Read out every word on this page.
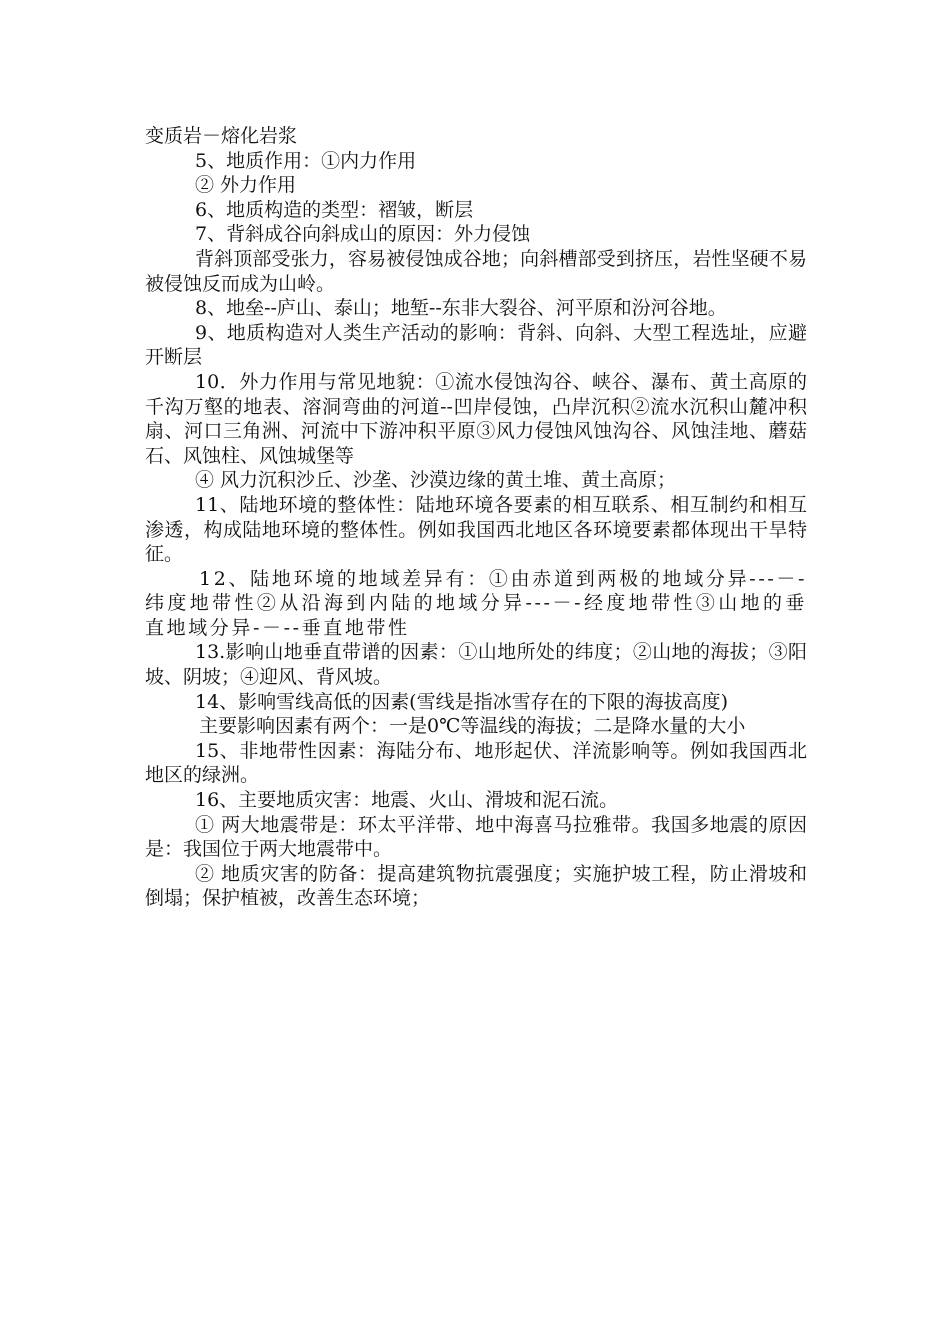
变质岩－熔化岩浆

5、地质作用：①内力作用

② 外力作用

6、地质构造的类型：褶皱，断层

7、背斜成谷向斜成山的原因：外力侵蚀

背斜顶部受张力，容易被侵蚀成谷地；向斜槽部受到挤压，岩性坚硬不易被侵蚀反而成为山岭。

8、地垒--庐山、泰山；地堑--东非大裂谷、河平原和汾河谷地。

9、地质构造对人类生产活动的影响：背斜、向斜、大型工程选址，应避开断层

10．外力作用与常见地貌：①流水侵蚀沟谷、峡谷、瀑布、黄土高原的千沟万壑的地表、溶洞弯曲的河道--凹岸侵蚀，凸岸沉积②流水沉积山麓冲积扇、河口三角洲、河流中下游冲积平原③风力侵蚀风蚀沟谷、风蚀洼地、蘑菇石、风蚀柱、风蚀城堡等

④ 风力沉积沙丘、沙垄、沙漠边缘的黄土堆、黄土高原；

11、陆地环境的整体性：陆地环境各要素的相互联系、相互制约和相互渗透，构成陆地环境的整体性。例如我国西北地区各环境要素都体现出干旱特征。

12、陆地环境的地域差异有：①由赤道到两极的地域分异---－-纬度地带性②从沿海到内陆的地域分异---－-经度地带性③山地的垂直地域分异-－--垂直地带性

13.影响山地垂直带谱的因素：①山地所处的纬度；②山地的海拔；③阳坡、阴坡；④迎风、背风坡。

14、影响雪线高低的因素(雪线是指冰雪存在的下限的海拔高度)

主要影响因素有两个：一是0℃等温线的海拔；二是降水量的大小

15、非地带性因素：海陆分布、地形起伏、洋流影响等。例如我国西北地区的绿洲。

16、主要地质灾害：地震、火山、滑坡和泥石流。

① 两大地震带是：环太平洋带、地中海喜马拉雅带。我国多地震的原因是：我国位于两大地震带中。

② 地质灾害的防备：提高建筑物抗震强度；实施护坡工程，防止滑坡和倒塌；保护植被，改善生态环境；
